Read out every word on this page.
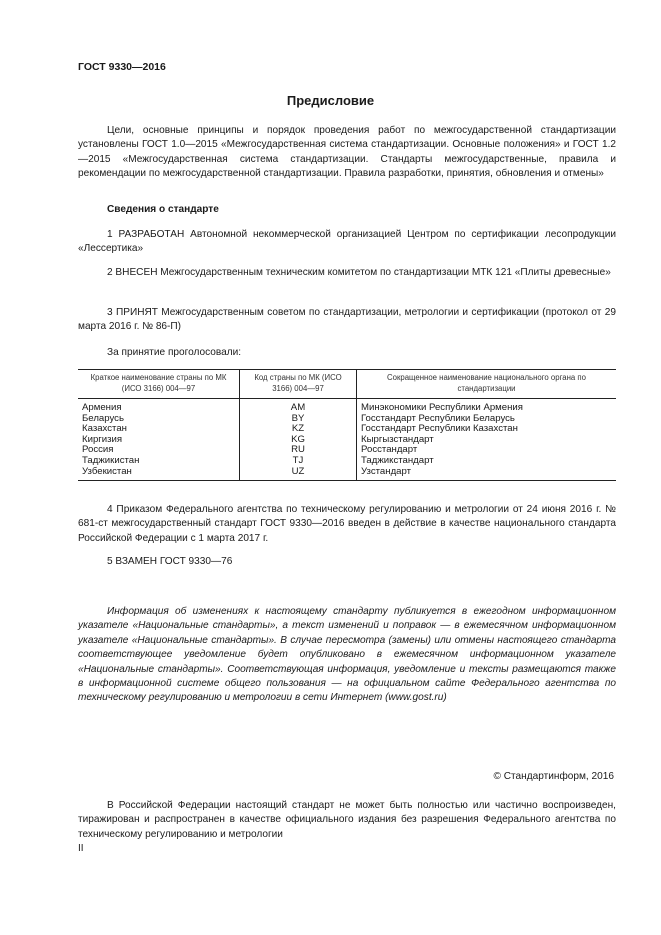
ГОСТ 9330—2016
Предисловие
Цели, основные принципы и порядок проведения работ по межгосударственной стандартизации установлены ГОСТ 1.0—2015 «Межгосударственная система стандартизации. Основные положения» и ГОСТ 1.2—2015 «Межгосударственная система стандартизации. Стандарты межгосударственные, правила и рекомендации по межгосударственной стандартизации. Правила разработки, принятия, обновления и отмены»
Сведения о стандарте
1 РАЗРАБОТАН Автономной некоммерческой организацией Центром по сертификации лесопродукции «Лессертика»
2 ВНЕСЕН Межгосударственным техническим комитетом по стандартизации МТК 121 «Плиты древесные»
3 ПРИНЯТ Межгосударственным советом по стандартизации, метрологии и сертификации (протокол от 29 марта 2016 г. № 86-П)
За принятие проголосовали:
Краткое наименование страны по МК (ИСО 3166) 004—97	Код страны по МК (ИСО 3166) 004—97	Сокращенное наименование национального органа по стандартизации
Армения	AM	Минэкономики Республики Армения
Беларусь	BY	Госстандарт Республики Беларусь
Казахстан	KZ	Госстандарт Республики Казахстан
Киргизия	KG	Кыргызстандарт
Россия	RU	Росстандарт
Таджикистан	TJ	Таджикстандарт
Узбекистан	UZ	Узстандарт
4 Приказом Федерального агентства по техническому регулированию и метрологии от 24 июня 2016 г. № 681-ст межгосударственный стандарт ГОСТ 9330—2016 введен в действие в качестве национального стандарта Российской Федерации с 1 марта 2017 г.
5 ВЗАМЕН ГОСТ 9330—76
Информация об изменениях к настоящему стандарту публикуется в ежегодном информационном указателе «Национальные стандарты», а текст изменений и поправок — в ежемесячном информационном указателе «Национальные стандарты». В случае пересмотра (замены) или отмены настоящего стандарта соответствующее уведомление будет опубликовано в ежемесячном информационном указателе «Национальные стандарты». Соответствующая информация, уведомление и тексты размещаются также в информационной системе общего пользования — на официальном сайте Федерального агентства по техническому регулированию и метрологии в сети Интернет (www.gost.ru)
© Стандартинформ, 2016
В Российской Федерации настоящий стандарт не может быть полностью или частично воспроизведен, тиражирован и распространен в качестве официального издания без разрешения Федерального агентства по техническому регулированию и метрологии
II
